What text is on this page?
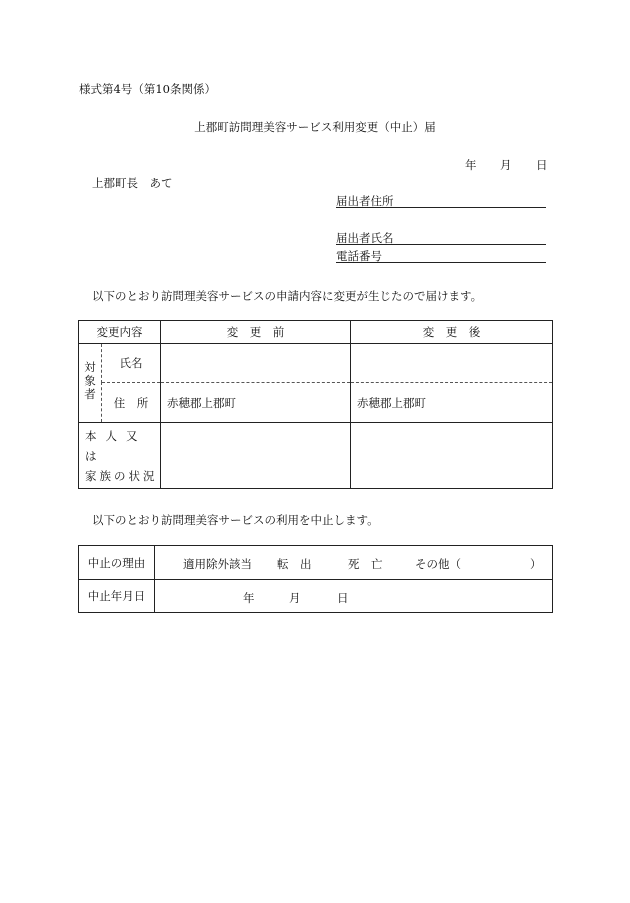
様式第4号（第10条関係）
上郡町訪問理美容サービス利用変更（中止）届
年 月 日
上郡町長　あて
届出者住所
届出者氏名
電話番号
以下のとおり訪問理美容サービスの申請内容に変更が生じたので届けます。
変更内容		変　更　前	変　更　後
対象者	氏名		
	住　所	赤穂郡上郡町	赤穂郡上郡町

本人又は
家族の状況			

以下のとおり訪問理美容サービスの利用を中止します。
中止の理由	適用除外該当 転　出 死　亡 その他（　　　　　　）

中止年月日	年 月 日
